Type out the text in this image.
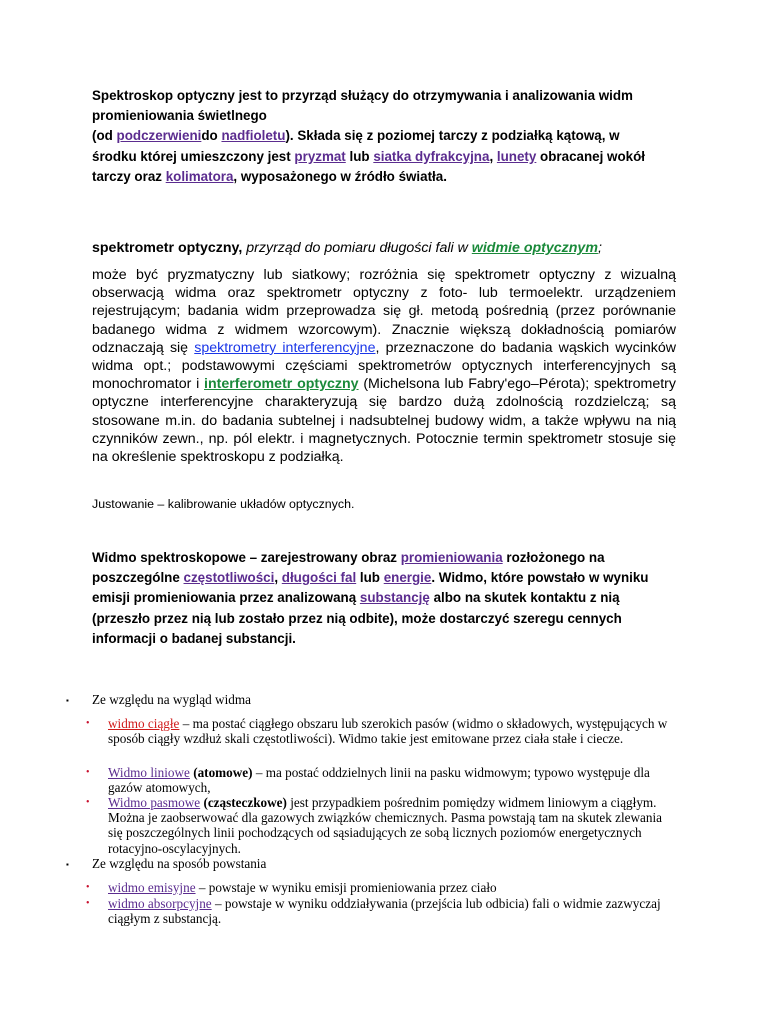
Spektroskop optyczny jest to przyrząd służący do otrzymywania i analizowania widm promieniowania świetlnego
(od podczerwienido nadfioletu). Składa się z poziomej tarczy z podziałką kątową, w środku której umieszczony jest pryzmat lub siatka dyfrakcyjna, lunety obracanej wokół tarczy oraz kolimatora, wyposażonego w źródło światła.
spektrometr optyczny, przyrząd do pomiaru długości fali w widmie optycznym;
może być pryzmatyczny lub siatkowy; rozróżnia się spektrometr optyczny z wizualną obserwacją widma oraz spektrometr optyczny z foto- lub termoelektr. urządzeniem rejestrującym; badania widm przeprowadza się gł. metodą pośrednią (przez porównanie badanego widma z widmem wzorcowym). Znacznie większą dokładnością pomiarów odznaczają się spektrometry interferencyjne, przeznaczone do badania wąskich wycinków widma opt.; podstawowymi częściami spektrometrów optycznych interferencyjnych są monochromator i interferometr optyczny (Michelsona lub Fabry'ego–Pérota); spektrometry optyczne interferencyjne charakteryzują się bardzo dużą zdolnością rozdzielczą; są stosowane m.in. do badania subtelnej i nadsubtelnej budowy widm, a także wpływu na nią czynników zewn., np. pól elektr. i magnetycznych. Potocznie termin spektrometr stosuje się na określenie spektroskopu z podziałką.
Justowanie – kalibrowanie układów optycznych.
Widmo spektroskopowe – zarejestrowany obraz promieniowania rozłożonego na poszczególne częstotliwości, długości fal lub energie. Widmo, które powstało w wyniku emisji promieniowania przez analizowaną substancję albo na skutek kontaktu z nią (przeszło przez nią lub zostało przez nią odbite), może dostarczyć szeregu cennych informacji o badanej substancji.
▪ Ze względu na wygląd widma
• widmo ciągłe – ma postać ciągłego obszaru lub szerokich pasów (widmo o składowych, występujących w sposób ciągły wzdłuż skali częstotliwości). Widmo takie jest emitowane przez ciała stałe i ciecze.
• Widmo liniowe (atomowe) – ma postać oddzielnych linii na pasku widmowym; typowo występuje dla gazów atomowych,
• Widmo pasmowe (cząsteczkowe) jest przypadkiem pośrednim pomiędzy widmem liniowym a ciągłym. Można je zaobserwować dla gazowych związków chemicznych. Pasma powstają tam na skutek zlewania się poszczególnych linii pochodzących od sąsiadujących ze sobą licznych poziomów energetycznych rotacyjno-oscylacyjnych.
▪ Ze względu na sposób powstania
• widmo emisyjne – powstaje w wyniku emisji promieniowania przez ciało
• widmo absorpcyjne – powstaje w wyniku oddziaływania (przejścia lub odbicia) fali o widmie zazwyczaj ciągłym z substancją.
